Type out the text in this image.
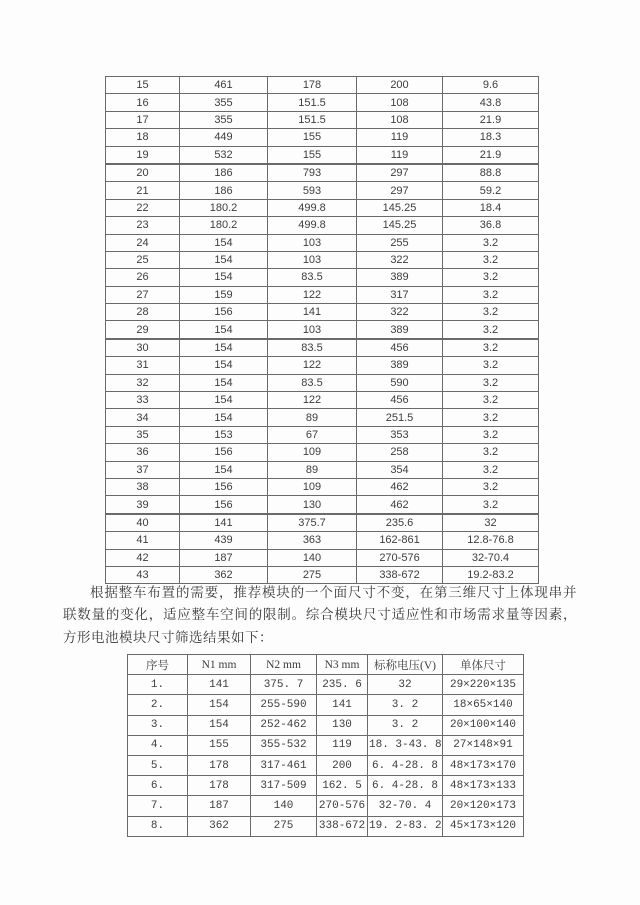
15	461	178	200	9.6
16	355	151.5	108	43.8
17	355	151.5	108	21.9
18	449	155	119	18.3
19	532	155	119	21.9
20	186	793	297	88.8
21	186	593	297	59.2
22	180.2	499.8	145.25	18.4
23	180.2	499.8	145.25	36.8
24	154	103	255	3.2
25	154	103	322	3.2
26	154	83.5	389	3.2
27	159	122	317	3.2
28	156	141	322	3.2
29	154	103	389	3.2
30	154	83.5	456	3.2
31	154	122	389	3.2
32	154	83.5	590	3.2
33	154	122	456	3.2
34	154	89	251.5	3.2
35	153	67	353	3.2
36	156	109	258	3.2
37	154	89	354	3.2
38	156	109	462	3.2
39	156	130	462	3.2
40	141	375.7	235.6	32
41	439	363	162-861	12.8-76.8
42	187	140	270-576	32-70.4
43	362	275	338-672	19.2-83.2

根据整车布置的需要，推荐模块的一个面尺寸不变，在第三维尺寸上体现串并联数量的变化，适应整车空间的限制。综合模块尺寸适应性和市场需求量等因素，方形电池模块尺寸筛选结果如下：

序号	N1 mm	N2 mm	N3 mm	标称电压(V)	单体尺寸
1.	141	375. 7	235. 6	32	29×220×135
2.	154	255-590	141	3. 2	18×65×140
3.	154	252-462	130	3. 2	20×100×140
4.	155	355-532	119	18. 3-43. 8	27×148×91
5.	178	317-461	200	6. 4-28. 8	48×173×170
6.	178	317-509	162. 5	6. 4-28. 8	48×173×133
7.	187	140	270-576	32-70. 4	20×120×173
8.	362	275	338-672	19. 2-83. 2	45×173×120
